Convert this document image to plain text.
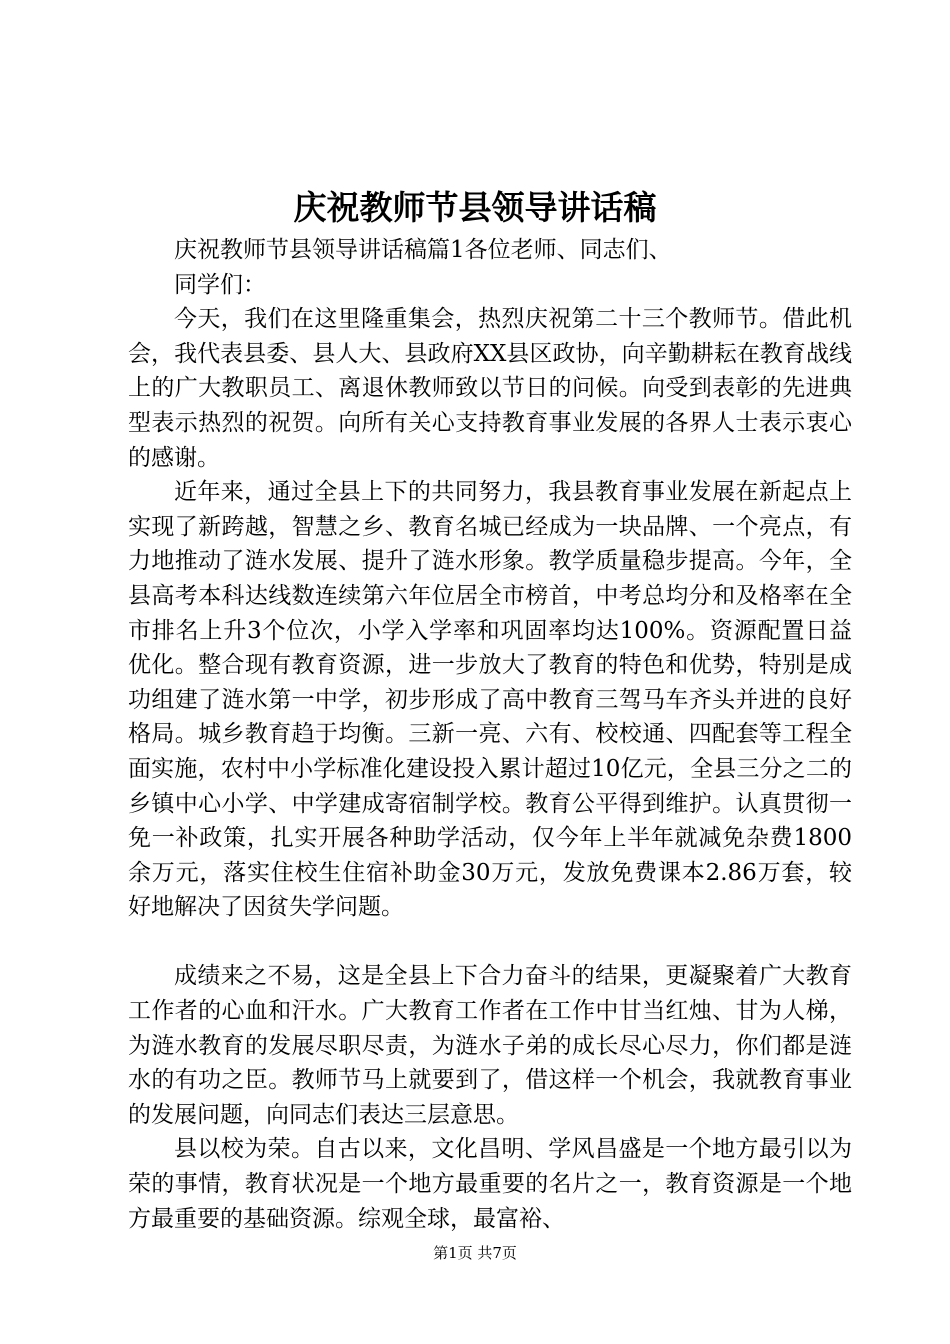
庆祝教师节县领导讲话稿

庆祝教师节县领导讲话稿篇1各位老师、同志们、

同学们：

今天，我们在这里隆重集会，热烈庆祝第二十三个教师节。借此机会，我代表县委、县人大、县政府XX县区政协，向辛勤耕耘在教育战线上的广大教职员工、离退休教师致以节日的问候。向受到表彰的先进典型表示热烈的祝贺。向所有关心支持教育事业发展的各界人士表示衷心的感谢。

近年来，通过全县上下的共同努力，我县教育事业发展在新起点上实现了新跨越，智慧之乡、教育名城已经成为一块品牌、一个亮点，有力地推动了涟水发展、提升了涟水形象。教学质量稳步提高。今年，全县高考本科达线数连续第六年位居全市榜首，中考总均分和及格率在全市排名上升3个位次，小学入学率和巩固率均达100%。资源配置日益优化。整合现有教育资源，进一步放大了教育的特色和优势，特别是成功组建了涟水第一中学，初步形成了高中教育三驾马车齐头并进的良好格局。城乡教育趋于均衡。三新一亮、六有、校校通、四配套等工程全面实施，农村中小学标准化建设投入累计超过10亿元，全县三分之二的乡镇中心小学、中学建成寄宿制学校。教育公平得到维护。认真贯彻一免一补政策，扎实开展各种助学活动，仅今年上半年就减免杂费1800余万元，落实住校生住宿补助金30万元，发放免费课本2.86万套，较好地解决了因贫失学问题。

成绩来之不易，这是全县上下合力奋斗的结果，更凝聚着广大教育工作者的心血和汗水。广大教育工作者在工作中甘当红烛、甘为人梯，为涟水教育的发展尽职尽责，为涟水子弟的成长尽心尽力，你们都是涟水的有功之臣。教师节马上就要到了，借这样一个机会，我就教育事业的发展问题，向同志们表达三层意思。

县以校为荣。自古以来，文化昌明、学风昌盛是一个地方最引以为荣的事情，教育状况是一个地方最重要的名片之一，教育资源是一个地方最重要的基础资源。综观全球，最富裕、

第1页 共7页
